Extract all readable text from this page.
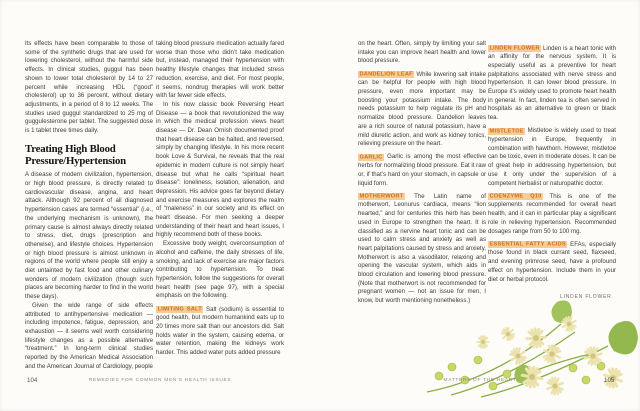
Its effects have been comparable to those of some of the synthetic drugs that are used for lowering cholesterol, without the harmful side effects. In clinical studies, guggul has been shown to lower total cholesterol by 14 to 27 percent while increasing HDL (“good” cholesterol) up to 36 percent, without dietary adjustments, in a period of 8 to 12 weeks. The studies used guggul standardized to 25 mg of guggulesterone per tablet. The suggested dose is 1 tablet three times daily.

Treating High Blood Pressure/Hypertension

A disease of modern civilization, hypertension, or high blood pressure, is directly related to cardiovascular disease, angina, and heart attack. Although 92 percent of all diagnosed hypertension cases are termed “essential” (i.e., the underlying mechanism is unknown), the primary cause is almost always directly related to stress, diet, drugs (prescription and otherwise), and lifestyle choices. Hypertension or high blood pressure is almost unknown in regions of the world where people still enjoy a diet untainted by fast food and other culinary wonders of modern civilization (though such places are becoming harder to find in the world these days).

Given the wide range of side effects attributed to antihypertensive medication — including impotence, fatigue, depression, and exhaustion — it seems well worth considering lifestyle changes as a possible alternative “treatment.” In long-term clinical studies reported by the American Medical Association and the American Journal of Cardiology, people

taking blood pressure medication actually fared worse than those who didn’t take medication but, instead, managed their hypertension with healthy lifestyle changes that included stress reduction, exercise, and diet. For most people, it seems, nondrug therapies will work better with far fewer side effects.

In his now classic book Reversing Heart Disease — a book that revolutionized the way in which the medical profession views heart disease — Dr. Dean Ornish documented proof that heart disease can be halted, and reversed, simply by changing lifestyle. In his more recent book Love & Survival, he reveals that the real epidemic in modern culture is not simply heart disease but what he calls “spiritual heart disease”: loneliness, isolation, alienation, and depression. His advice goes far beyond dietary and exercise measures and explores the realm of “maleness” in our society and its effect on heart disease. For men seeking a deeper understanding of their heart and heart issues, I highly recommend both of these books.

Excessive body weight, overconsumption of alcohol and caffeine, the daily stresses of life, smoking, and lack of exercise are major factors contributing to hypertension. To treat hypertension, follow the suggestions for overall heart health (see page 97), with a special emphasis on the following.

LIMITING SALT Salt (sodium) is essential to good health, but modern humankind eats up to 20 times more salt than our ancestors did. Salt holds water in the system, causing edema, or water retention, making the kidneys work harder. This added water puts added pressure

on the heart. Often, simply by limiting your salt intake you can improve heart health and lower blood pressure.

DANDELION LEAF While lowering salt intake can be helpful for people with high blood pressure, even more important may be boosting your potassium intake. The body needs potassium to help regulate its pH and normalize blood pressure. Dandelion leaves are a rich source of natural potassium, have a mild diuretic action, and work as kidney tonics, relieving pressure on the heart.

GARLIC Garlic is among the most effective herbs for normalizing blood pressure. Eat it raw or, if that’s hard on your stomach, in capsule or liquid form.

MOTHERWORT The Latin name of motherwort, Leonurus cardiaca, means “lion hearted,” and for centuries this herb has been used in Europe to strengthen the heart. It is classified as a nervine heart tonic and can be used to calm stress and anxiety as well as heart palpitations caused by stress and anxiety. Motherwort is also a vasodilator, relaxing and opening the vascular system, which aids in blood circulation and lowering blood pressure. (Note that motherwort is not recommended for pregnant women — not an issue for men, I know, but worth mentioning nonetheless.)

LINDEN FLOWER Linden is a heart tonic with an affinity for the nervous system. It is especially useful as a preventive for heart palpitations associated with nerve stress and hypertension. It can lower blood pressure. In Europe it’s widely used to promote heart health in general. In fact, linden tea is often served in hospitals as an alternative to green or black tea.

MISTLETOE Mistletoe is widely used to treat hypertension in Europe, frequently in combination with hawthorn. However, mistletoe can be toxic, even in moderate doses. It can be of great help in addressing hypertension, but use it only under the supervision of a competent herbalist or naturopathic doctor.

COENZYME Q10 This is one of the supplements recommended for overall heart health, and it can in particular play a significant role in relieving hypertension. Recommended dosages range from 50 to 100 mg.

ESSENTIAL FATTY ACIDS EFAs, especially those found in black currant seed, flaxseed, and evening primrose seed, have a profound effect on hypertension. Include them in your diet or herbal protocol.

LINDEN FLOWER
104	REMEDIES FOR COMMON MEN’S HEALTH ISSUES	MATTERS OF THE HEART	105
